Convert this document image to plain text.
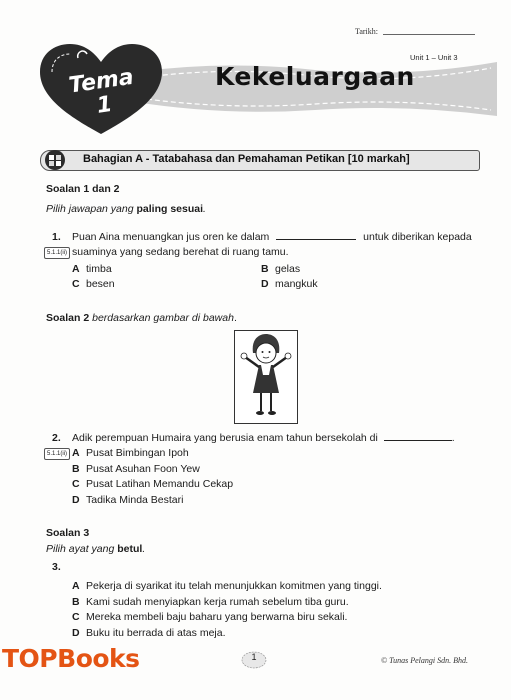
Tarikh:
Unit 1 – Unit 3
Tema
1
Kekeluargaan
Bahagian A - Tatabahasa dan Pemahaman Petikan [10 markah]
Soalan 1 dan 2
Pilih jawapan yang paling sesuai.
1. Puan Aina menuangkan jus oren ke dalam	untuk diberikan kepada
5.1.1(ii) suaminya yang sedang berehat di ruang tamu.
A timba	B gelas
C besen	D mangkuk
Soalan 2 berdasarkan gambar di bawah.
2. Adik perempuan Humaira yang berusia enam tahun bersekolah di	.
5.1.1(ii) A Pusat Bimbingan Ipoh
B Pusat Asuhan Foon Yew
C Pusat Latihan Memandu Cekap
D Tadika Minda Bestari
Soalan 3
Pilih ayat yang betul.
3.
A Pekerja di syarikat itu telah menunjukkan komitmen yang tinggi.
B Kami sudah menyiapkan kerja rumah sebelum tiba guru.
C Mereka membeli baju baharu yang berwarna biru sekali.
D Buku itu berrada di atas meja.
TOPBooks	1	© Tunas Pelangi Sdn. Bhd.
